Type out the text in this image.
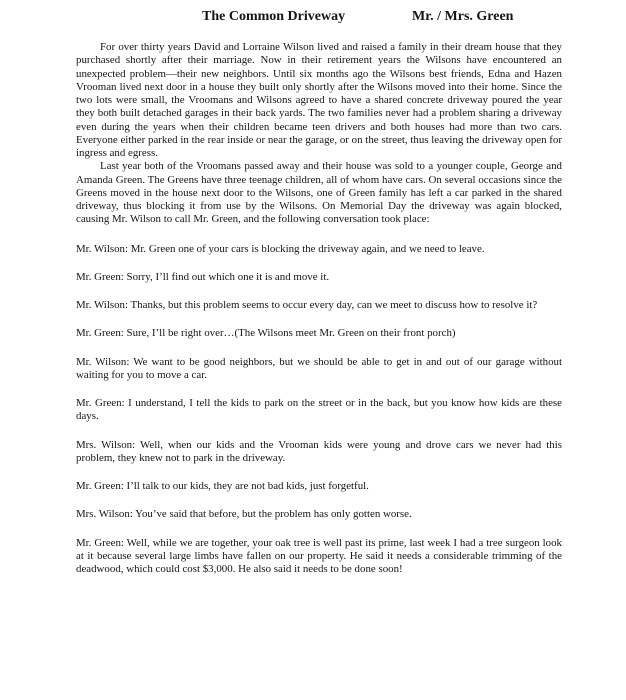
The Common Driveway	Mr. / Mrs. Green

For over thirty years David and Lorraine Wilson lived and raised a family in their dream house that they purchased shortly after their marriage. Now in their retirement years the Wilsons have encountered an unexpected problem—their new neighbors. Until six months ago the Wilsons best friends, Edna and Hazen Vrooman lived next door in a house they built only shortly after the Wilsons moved into their home. Since the two lots were small, the Vroomans and Wilsons agreed to have a shared concrete driveway poured the year they both built detached garages in their back yards. The two families never had a problem sharing a driveway even during the years when their children became teen drivers and both houses had more than two cars. Everyone either parked in the rear inside or near the garage, or on the street, thus leaving the driveway open for ingress and egress.

Last year both of the Vroomans passed away and their house was sold to a younger couple, George and Amanda Green. The Greens have three teenage children, all of whom have cars. On several occasions since the Greens moved in the house next door to the Wilsons, one of Green family has left a car parked in the shared driveway, thus blocking it from use by the Wilsons. On Memorial Day the driveway was again blocked, causing Mr. Wilson to call Mr. Green, and the following conversation took place:

Mr. Wilson: Mr. Green one of your cars is blocking the driveway again, and we need to leave.

Mr. Green: Sorry, I’ll find out which one it is and move it.

Mr. Wilson: Thanks, but this problem seems to occur every day, can we meet to discuss how to resolve it?

Mr. Green: Sure, I’ll be right over…(The Wilsons meet Mr. Green on their front porch)

Mr. Wilson: We want to be good neighbors, but we should be able to get in and out of our garage without waiting for you to move a car.

Mr. Green: I understand, I tell the kids to park on the street or in the back, but you know how kids are these days.

Mrs. Wilson: Well, when our kids and the Vrooman kids were young and drove cars we never had this problem, they knew not to park in the driveway.

Mr. Green: I’ll talk to our kids, they are not bad kids, just forgetful.

Mrs. Wilson: You’ve said that before, but the problem has only gotten worse.

Mr. Green: Well, while we are together, your oak tree is well past its prime, last week I had a tree surgeon look at it because several large limbs have fallen on our property. He said it needs a considerable trimming of the deadwood, which could cost $3,000. He also said it needs to be done soon!
